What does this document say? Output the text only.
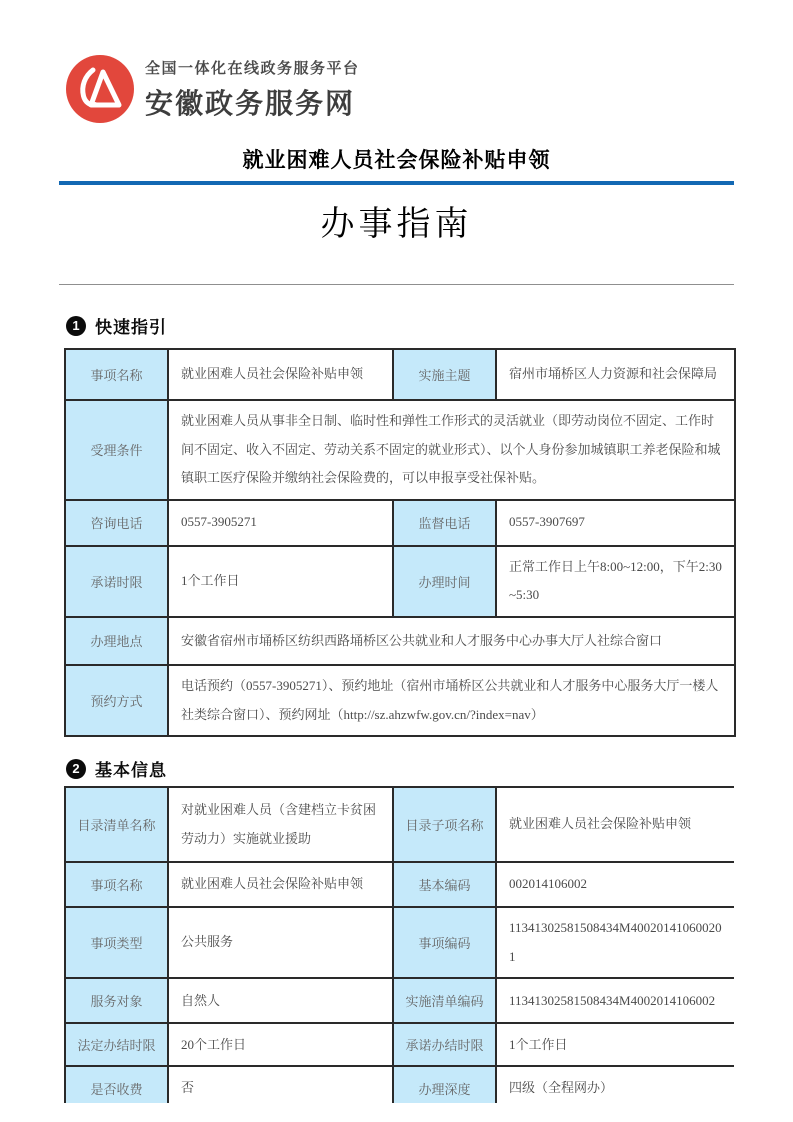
全国一体化在线政务服务平台
安徽政务服务网
就业困难人员社会保险补贴申领
办事指南
1 快速指引
事项名称	就业困难人员社会保险补贴申领	实施主题	宿州市埇桥区人力资源和社会保障局
受理条件	就业困难人员从事非全日制、临时性和弹性工作形式的灵活就业（即劳动岗位不固定、工作时间不固定、收入不固定、劳动关系不固定的就业形式）、以个人身份参加城镇职工养老保险和城镇职工医疗保险并缴纳社会保险费的，可以申报享受社保补贴。		
咨询电话	0557-3905271	监督电话	0557-3907697
承诺时限	1个工作日	办理时间	正常工作日上午8:00~12:00，下午2:30~5:30
办理地点	安徽省宿州市埇桥区纺织西路埇桥区公共就业和人才服务中心办事大厅人社综合窗口		
预约方式	电话预约（0557-3905271）、预约地址（宿州市埇桥区公共就业和人才服务中心服务大厅一楼人社类综合窗口）、预约网址（http://sz.ahzwfw.gov.cn/?index=nav）		
2 基本信息
目录清单名称	对就业困难人员（含建档立卡贫困劳动力）实施就业援助	目录子项名称	就业困难人员社会保险补贴申领
事项名称	就业困难人员社会保险补贴申领	基本编码	002014106002
事项类型	公共服务	事项编码	11341302581508434M400201410600201
服务对象	自然人	实施清单编码	11341302581508434M4002014106002
法定办结时限	20个工作日	承诺办结时限	1个工作日
是否收费	否	办理深度	四级（全程网办）
